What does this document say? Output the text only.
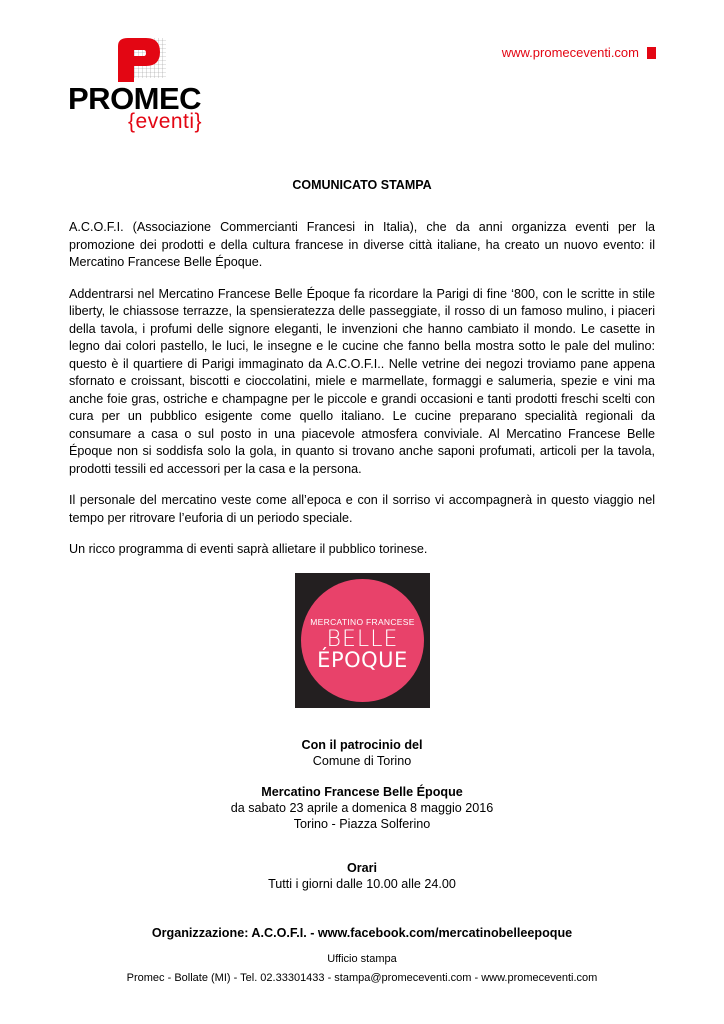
PROMEC
{eventi}
www.promeceventi.com
COMUNICATO STAMPA

A.C.O.F.I. (Associazione Commercianti Francesi in Italia), che da anni organizza eventi per la promozione dei prodotti e della cultura francese in diverse città italiane, ha creato un nuovo evento: il Mercatino Francese Belle Époque.

Addentrarsi nel Mercatino Francese Belle Époque fa ricordare la Parigi di fine ‘800, con le scritte in stile liberty, le chiassose terrazze, la spensieratezza delle passeggiate, il rosso di un famoso mulino, i piaceri della tavola, i profumi delle signore eleganti, le invenzioni che hanno cambiato il mondo. Le casette in legno dai colori pastello, le luci, le insegne e le cucine che fanno bella mostra sotto le pale del mulino: questo è il quartiere di Parigi immaginato da A.C.O.F.I.. Nelle vetrine dei negozi troviamo pane appena sfornato e croissant, biscotti e cioccolatini, miele e marmellate, formaggi e salumeria, spezie e vini ma anche foie gras, ostriche e champagne per le piccole e grandi occasioni e tanti prodotti freschi scelti con cura per un pubblico esigente come quello italiano. Le cucine preparano specialità regionali da consumare a casa o sul posto in una piacevole atmosfera conviviale. Al Mercatino Francese Belle Époque non si soddisfa solo la gola, in quanto si trovano anche saponi profumati, articoli per la tavola, prodotti tessili ed accessori per la casa e la persona.

Il personale del mercatino veste come all’epoca e con il sorriso vi accompagnerà in questo viaggio nel tempo per ritrovare l’euforia di un periodo speciale.

Un ricco programma di eventi saprà allietare il pubblico torinese.

MERCATINO FRANCESE
BELLE
ÉPOQUE
Con il patrocinio del
Comune di Torino
Mercatino Francese Belle Époque
da sabato 23 aprile a domenica 8 maggio 2016
Torino - Piazza Solferino
Orari
Tutti i giorni dalle 10.00 alle 24.00
Organizzazione: A.C.O.F.I. - www.facebook.com/mercatinobelleepoque
Ufficio stampa
Promec - Bollate (MI) - Tel. 02.33301433 - stampa@promeceventi.com - www.promeceventi.com
